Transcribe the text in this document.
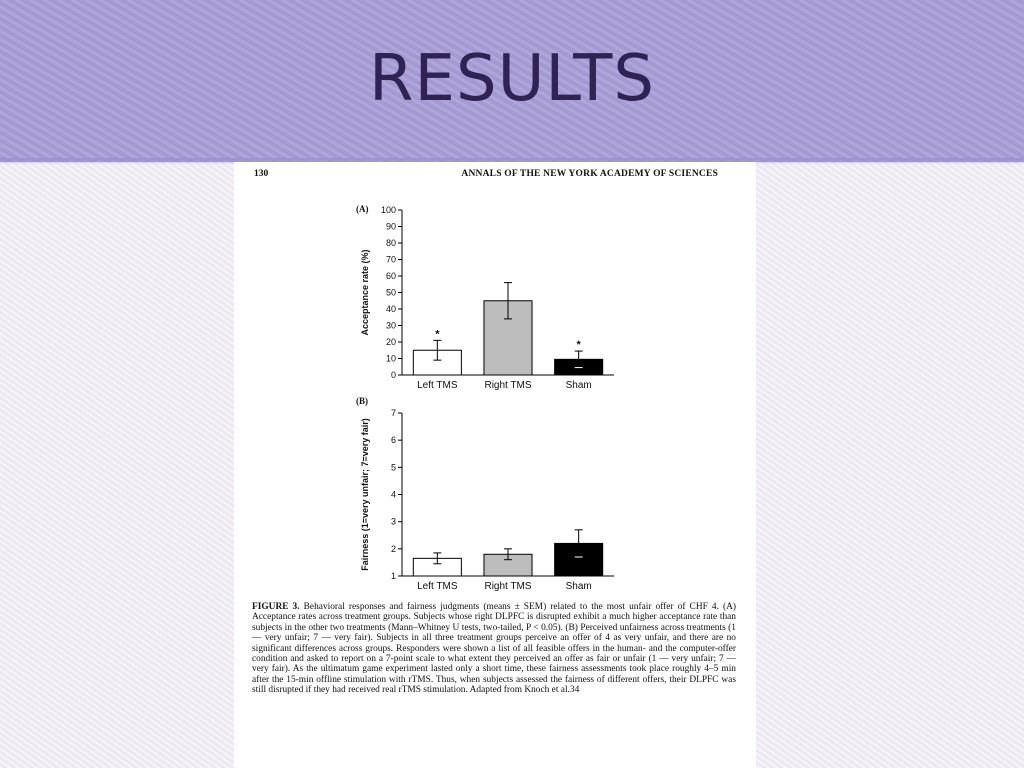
RESULTS
130	ANNALS OF THE NEW YORK ACADEMY OF SCIENCES
(A)
0
10
20
30
40
50
60
70
80
90
100
Acceptance rate (%)
Left TMS
*
Right TMS	Sham
*
(B)
1
2
3
4
5
6
7
Fairness (1=very unfair; 7=very fair)
Left TMS	Right TMS	Sham

FIGURE 3. Behavioral responses and fairness judgments (means ± SEM) related to the most unfair offer of CHF 4. (A) Acceptance rates across treatment groups. Subjects whose right DLPFC is disrupted exhibit a much higher acceptance rate than subjects in the other two treatments (Mann–Whitney U tests, two-tailed, P < 0.05). (B) Perceived unfairness across treatments (1 — very unfair; 7 — very fair). Subjects in all three treatment groups perceive an offer of 4 as very unfair, and there are no significant differences across groups. Responders were shown a list of all feasible offers in the human- and the computer-offer condition and asked to report on a 7-point scale to what extent they perceived an offer as fair or unfair (1 — very unfair; 7 — very fair). As the ultimatum game experiment lasted only a short time, these fairness assessments took place roughly 4–5 min after the 15-min offline stimulation with rTMS. Thus, when subjects assessed the fairness of different offers, their DLPFC was still disrupted if they had received real rTMS stimulation. Adapted from Knoch et al.34
